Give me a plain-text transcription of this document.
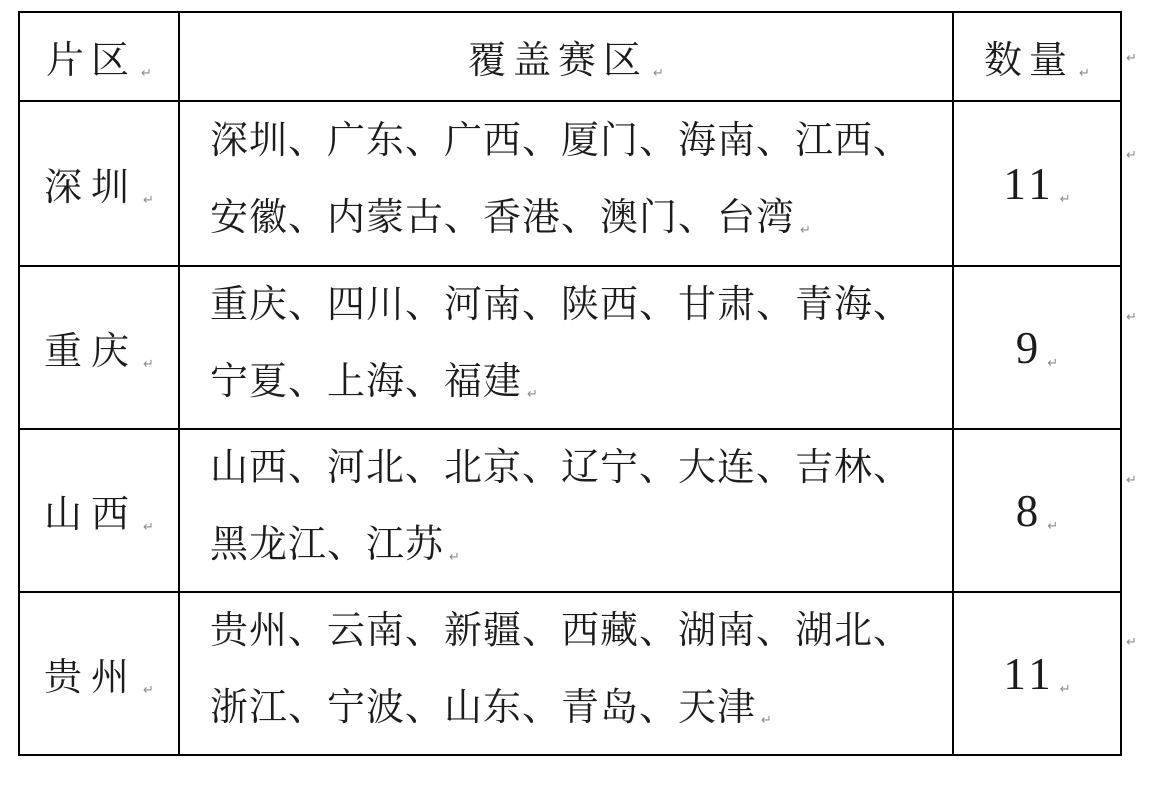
片区 $_↵$	覆盖赛区 $_↵$	数量 $_↵$
深圳 $_↵$	深圳、广东、广西、厦门、海南、江西、
安徽、内蒙古、香港、澳门、台湾 ↵	11 $_↵$
重庆 $_↵$	重庆、四川、河南、陕西、甘肃、青海、
宁夏、上海、福建 ↵	9 $_↵$
山西 $_↵$	山西、河北、北京、辽宁、大连、吉林、
黑龙江、江苏 ↵	8 $_↵$
贵州 $_↵$	贵州、云南、新疆、西藏、湖南、湖北、
浙江、宁波、山东、青岛、天津 ↵	11 $_↵$
↵
↵
↵
↵
↵
